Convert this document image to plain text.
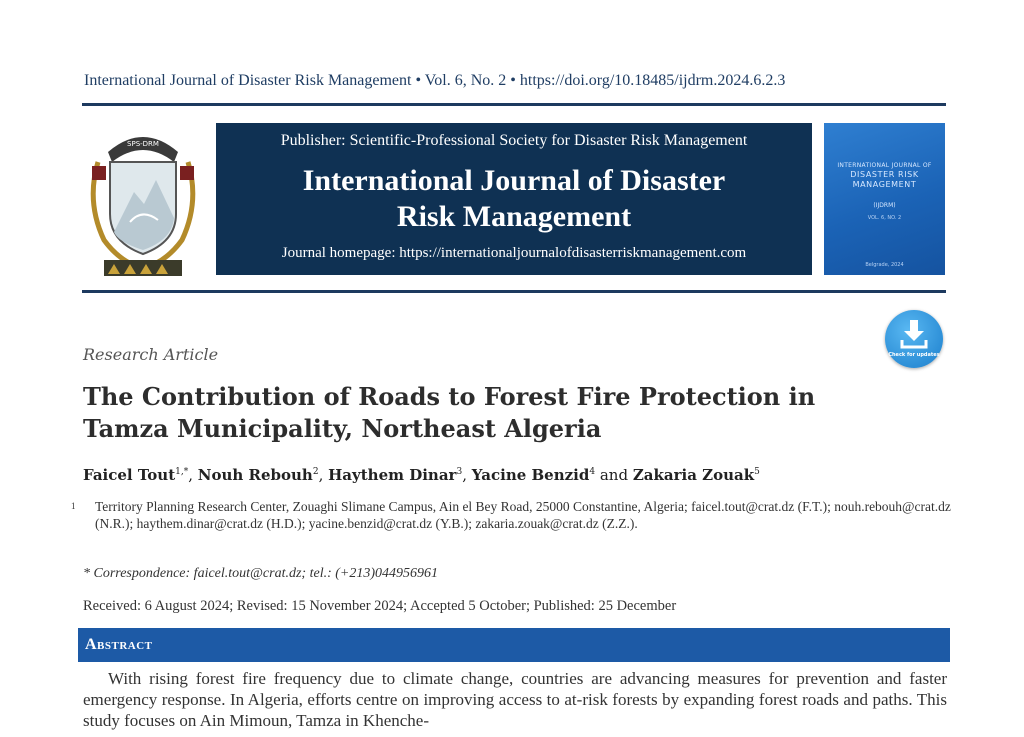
International Journal of Disaster Risk Management • Vol. 6, No. 2 • https://doi.org/10.18485/ijdrm.2024.6.2.3
SPS-DRM	Publisher: Scientific-Professional Society for Disaster Risk Management
International Journal of Disaster
Risk Management
Journal homepage: https://internationaljournalofdisasterriskmanagement.com
INTERNATIONAL JOURNAL OF
DISASTER RISK MANAGEMENT
(IJDRM)
VOL. 6, NO. 2
Belgrade, 2024
Check for updates
Research Article
The Contribution of Roads to Forest Fire Protection in
Tamza Municipality, Northeast Algeria
Faicel Tout$^{1,*}$, Nouh Rebouh$^2$, Haythem Dinar$^3$, Yacine Benzid$^4$ and Zakaria Zouak$^5$
1 Territory Planning Research Center, Zouaghi Slimane Campus, Ain el Bey Road, 25000 Constantine, Algeria; faicel.tout@crat.dz (F.T.); nouh.rebouh@crat.dz (N.R.); haythem.dinar@crat.dz (H.D.); yacine.benzid@crat.dz (Y.B.); zakaria.zouak@crat.dz (Z.Z.).
* Correspondence: faicel.tout@crat.dz; tel.: (+213)044956961
Received: 6 August 2024; Revised: 15 November 2024; Accepted 5 October; Published: 25 December
Abstract
With rising forest fire frequency due to climate change, countries are advancing measures for prevention and faster emergency response. In Algeria, efforts centre on improving access to at-risk forests by expanding forest roads and paths. This study focuses on Ain Mimoun, Tamza in Khenche-
